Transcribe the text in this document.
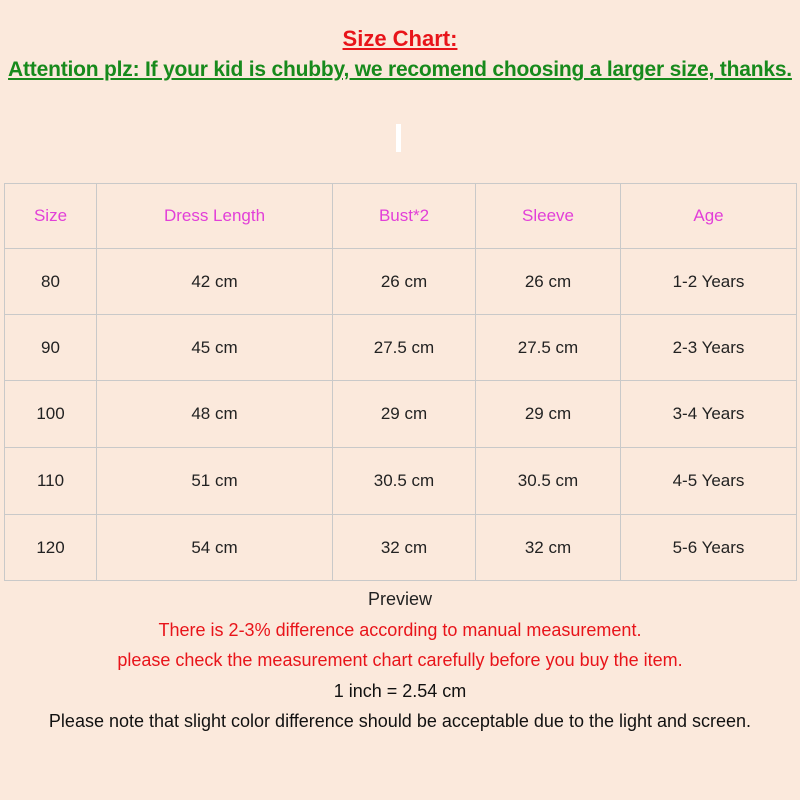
Size Chart:
Attention plz: If your kid is chubby, we recomend choosing a larger size, thanks.
Size	Dress Length	Bust*2	Sleeve	Age
80	42 cm	26 cm	26 cm	1-2 Years
90	45 cm	27.5 cm	27.5 cm	2-3 Years
100	48 cm	29 cm	29 cm	3-4 Years
110	51 cm	30.5 cm	30.5 cm	4-5 Years
120	54 cm	32 cm	32 cm	5-6 Years
Preview
There is 2-3% difference according to manual measurement.
please check the measurement chart carefully before you buy the item.
1 inch = 2.54 cm
Please note that slight color difference should be acceptable due to the light and screen.
